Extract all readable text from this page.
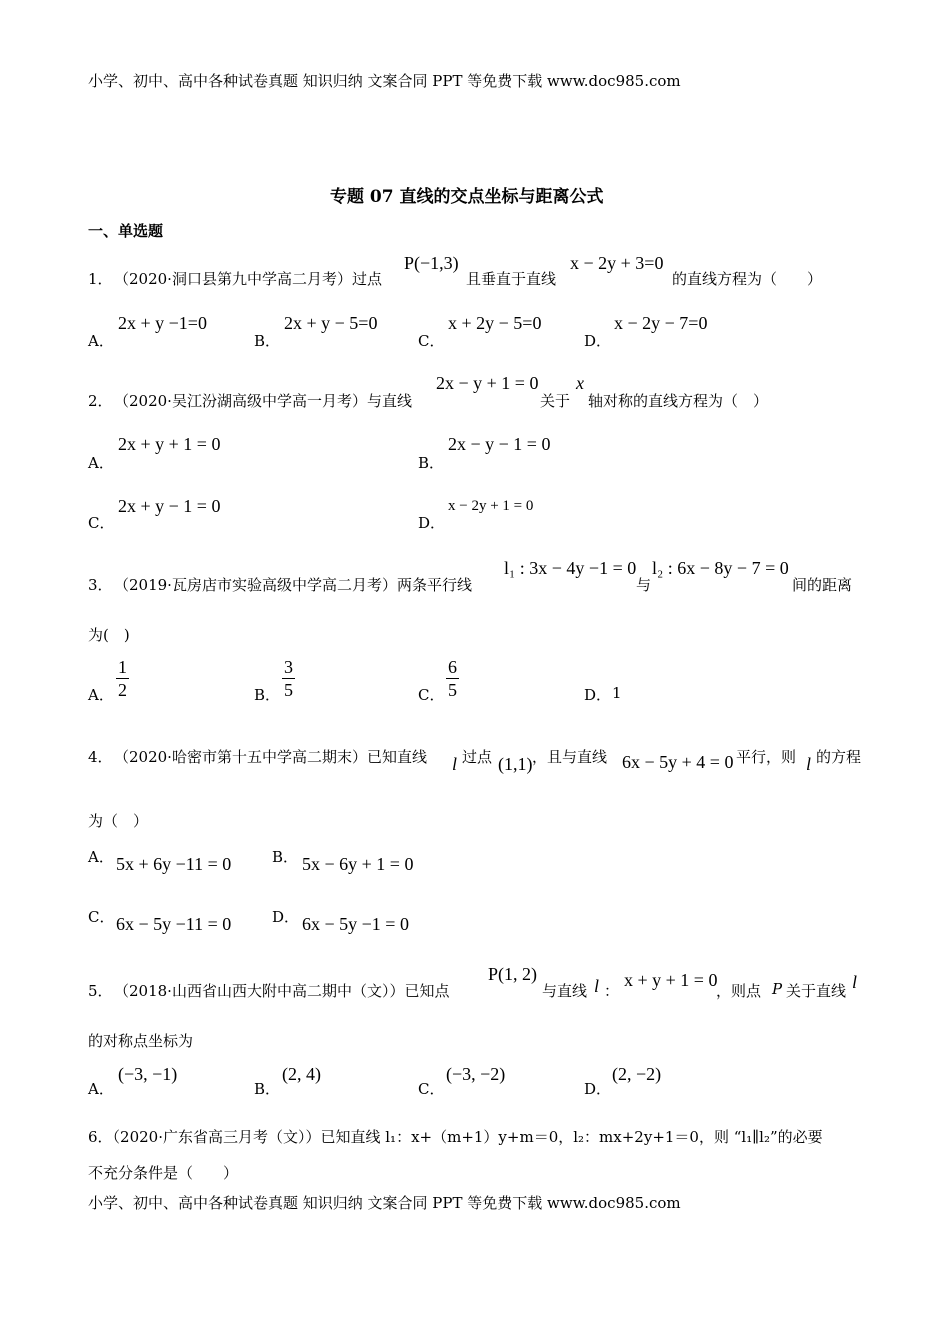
小学、初中、高中各种试卷真题 知识归纳 文案合同 PPT 等免费下载 www.doc985.com
小学、初中、高中各种试卷真题 知识归纳 文案合同 PPT 等免费下载 www.doc985.com
专题 07 直线的交点坐标与距离公式
一、单选题
1． （2020·洞口县第九中学高二月考）过点
P(−1,3)
且垂直于直线
x − 2y + 3=0
的直线方程为（　　）
A．
2x + y −1=0
B．
2x + y − 5=0
C．
x + 2y − 5=0
D．
x − 2y − 7=0
2． （2020·吴江汾湖高级中学高一月考）与直线
2x − y + 1 = 0
关于
x
轴对称的直线方程为（　）
A．
2x + y + 1 = 0
B．
2x − y − 1 = 0
C．
2x + y − 1 = 0
D．
x − 2y + 1 = 0
3． （2019·瓦房店市实验高级中学高二月考）两条平行线
l₁ : 3x − 4y −1 = 0
与
l₂ : 6x − 8y − 7 = 0
间的距离
为(　)
A． $\frac{1}{2}$	B． $\frac{3}{5}$	C． $\frac{6}{5}$	D． 1
4． （2020·哈密市第十五中学高二期末）已知直线 l 过点 (1,1) ，且与直线 6x − 5y + 4 = 0 平行，则 l 的方程
为（　）
A． 5x + 6y −11 = 0	B． 5x − 6y + 1 = 0
C． 6x − 5y −11 = 0	D． 6x − 5y −1 = 0
5． （2018·山西省山西大附中高二期中（文））已知点
P(1, 2)
与直线 l ：
x + y + 1 = 0
，则点 P 关于直线 l
的对称点坐标为
A．
(−3, −1)
B．
(2, 4)
C．
(−3, −2)
D．
(2, −2)
6．（2020·广东省高三月考（文））已知直线 l₁：x+（m+1）y+m＝0，l₂：mx+2y+1＝0，则 “l₁∥l₂”的必要
不充分条件是（　　）
